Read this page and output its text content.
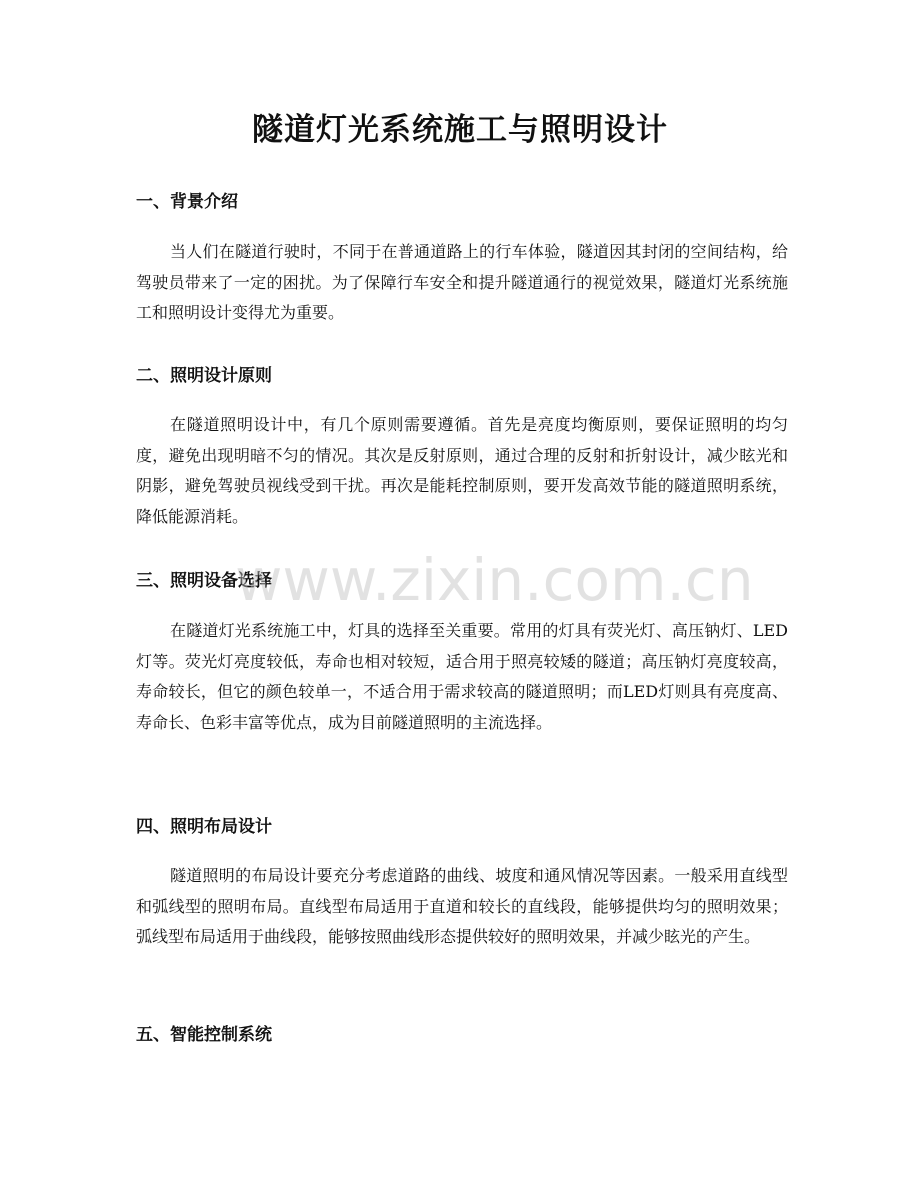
隧道灯光系统施工与照明设计
一、背景介绍

当人们在隧道行驶时，不同于在普通道路上的行车体验，隧道因其封闭的空间结构，给驾驶员带来了一定的困扰。为了保障行车安全和提升隧道通行的视觉效果，隧道灯光系统施工和照明设计变得尤为重要。

二、照明设计原则

在隧道照明设计中，有几个原则需要遵循。首先是亮度均衡原则，要保证照明的均匀度，避免出现明暗不匀的情况。其次是反射原则，通过合理的反射和折射设计，减少眩光和阴影，避免驾驶员视线受到干扰。再次是能耗控制原则，要开发高效节能的隧道照明系统，降低能源消耗。

三、照明设备选择

在隧道灯光系统施工中，灯具的选择至关重要。常用的灯具有荧光灯、高压钠灯、LED灯等。荧光灯亮度较低，寿命也相对较短，适合用于照亮较矮的隧道；高压钠灯亮度较高，寿命较长，但它的颜色较单一，不适合用于需求较高的隧道照明；而LED灯则具有亮度高、寿命长、色彩丰富等优点，成为目前隧道照明的主流选择。

四、照明布局设计

隧道照明的布局设计要充分考虑道路的曲线、坡度和通风情况等因素。一般采用直线型和弧线型的照明布局。直线型布局适用于直道和较长的直线段，能够提供均匀的照明效果；弧线型布局适用于曲线段，能够按照曲线形态提供较好的照明效果，并减少眩光的产生。

五、智能控制系统
www.zixin.com.cn
